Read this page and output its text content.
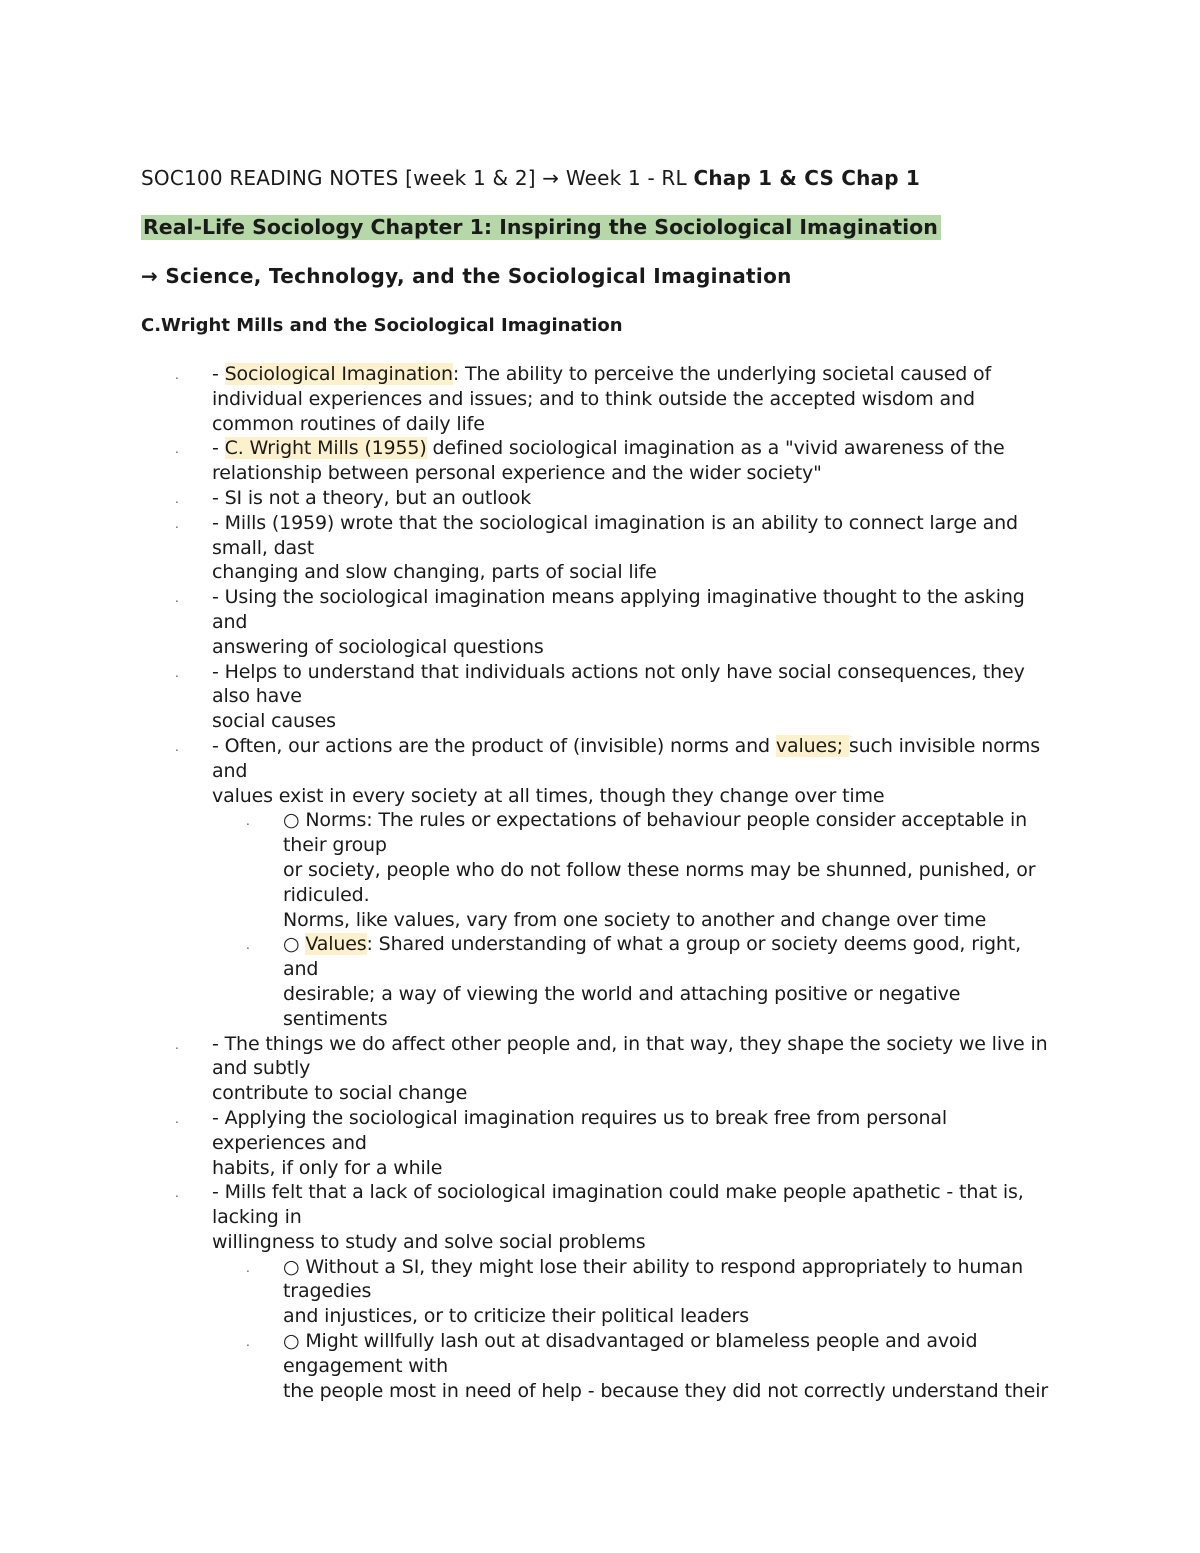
SOC100 READING NOTES [week 1 & 2] → Week 1 - RL Chap 1 & CS Chap 1
Real-Life Sociology Chapter 1: Inspiring the Sociological Imagination
→ Science, Technology, and the Sociological Imagination
C.Wright Mills and the Sociological Imagination
. - Sociological Imagination: The ability to perceive the underlying societal caused of
individual experiences and issues; and to think outside the accepted wisdom and
common routines of daily life
. - C. Wright Mills (1955) defined sociological imagination as a "vivid awareness of the
relationship between personal experience and the wider society"
. - SI is not a theory, but an outlook
. - Mills (1959) wrote that the sociological imagination is an ability to connect large and
small, dast
changing and slow changing, parts of social life
. - Using the sociological imagination means applying imaginative thought to the asking
and
answering of sociological questions
. - Helps to understand that individuals actions not only have social consequences, they
also have
social causes
. - Often, our actions are the product of (invisible) norms and values; such invisible norms
and
values exist in every society at all times, though they change over time
. ○ Norms: The rules or expectations of behaviour people consider acceptable in
their group
or society, people who do not follow these norms may be shunned, punished, or
ridiculed.
Norms, like values, vary from one society to another and change over time
. ○ Values: Shared understanding of what a group or society deems good, right,
and
desirable; a way of viewing the world and attaching positive or negative
sentiments
. - The things we do affect other people and, in that way, they shape the society we live in
and subtly
contribute to social change
. - Applying the sociological imagination requires us to break free from personal
experiences and
habits, if only for a while
. - Mills felt that a lack of sociological imagination could make people apathetic - that is,
lacking in
willingness to study and solve social problems
. ○ Without a SI, they might lose their ability to respond appropriately to human
tragedies
and injustices, or to criticize their political leaders
. ○ Might willfully lash out at disadvantaged or blameless people and avoid
engagement with
the people most in need of help - because they did not correctly understand their
